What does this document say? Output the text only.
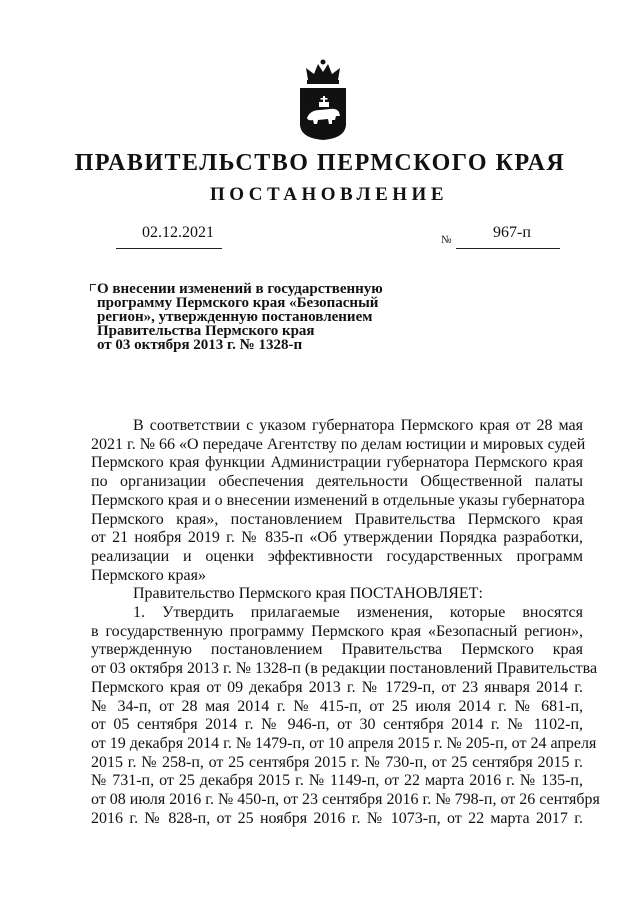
ПРАВИТЕЛЬСТВО ПЕРМСКОГО КРАЯ
ПОСТАНОВЛЕНИЕ
02.12.2021	№	967-п
О внесении изменений в государственную
программу Пермского края «Безопасный
регион», утвержденную постановлением
Правительства Пермского края
от 03 октября 2013 г. № 1328-п
В соответствии с указом губернатора Пермского края от 28 мая
2021 г. № 66 «О передаче Агентству по делам юстиции и мировых судей
Пермского края функции Администрации губернатора Пермского края
по организации обеспечения деятельности Общественной палаты
Пермского края и о внесении изменений в отдельные указы губернатора
Пермского края», постановлением Правительства Пермского края
от 21 ноября 2019 г. № 835-п «Об утверждении Порядка разработки,
реализации и оценки эффективности государственных программ
Пермского края»
Правительство Пермского края ПОСТАНОВЛЯЕТ:
1. Утвердить прилагаемые изменения, которые вносятся
в государственную программу Пермского края «Безопасный регион»,
утвержденную постановлением Правительства Пермского края
от 03 октября 2013 г. № 1328-п (в редакции постановлений Правительства
Пермского края от 09 декабря 2013 г. № 1729-п, от 23 января 2014 г.
№ 34-п, от 28 мая 2014 г. № 415-п, от 25 июля 2014 г. № 681-п,
от 05 сентября 2014 г. № 946-п, от 30 сентября 2014 г. № 1102-п,
от 19 декабря 2014 г. № 1479-п, от 10 апреля 2015 г. № 205-п, от 24 апреля
2015 г. № 258-п, от 25 сентября 2015 г. № 730-п, от 25 сентября 2015 г.
№ 731-п, от 25 декабря 2015 г. № 1149-п, от 22 марта 2016 г. № 135-п,
от 08 июля 2016 г. № 450-п, от 23 сентября 2016 г. № 798-п, от 26 сентября
2016 г. № 828-п, от 25 ноября 2016 г. № 1073-п, от 22 марта 2017 г.
